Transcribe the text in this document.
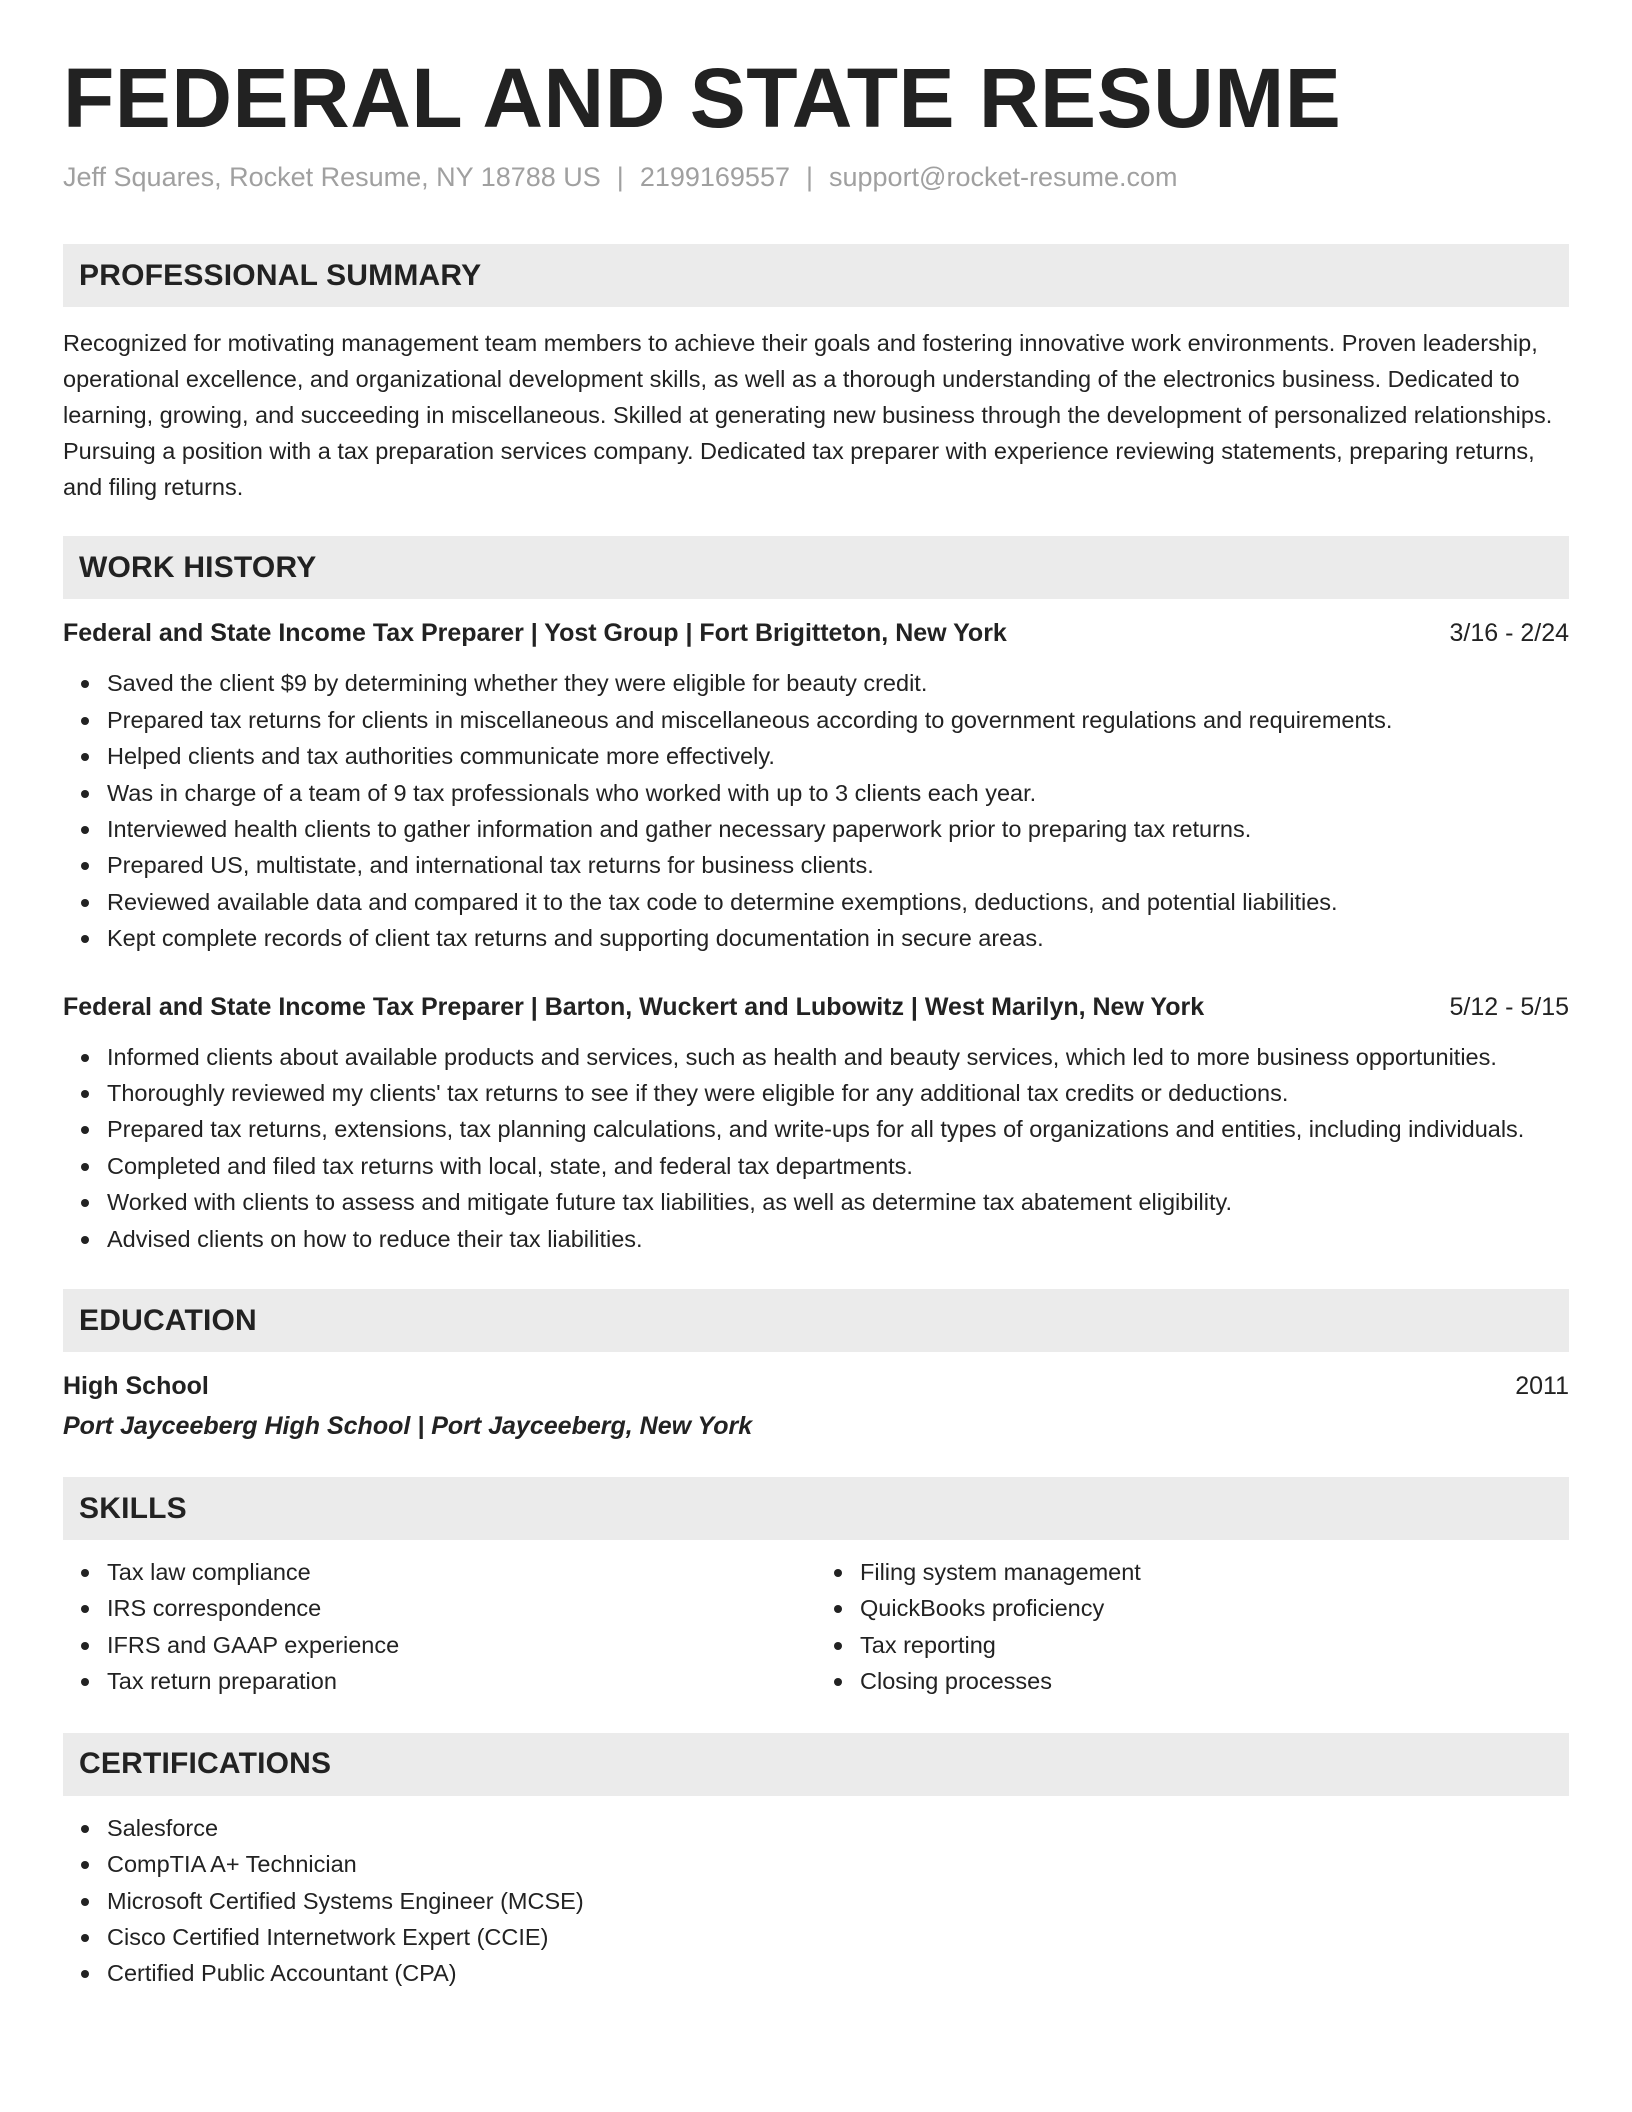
FEDERAL AND STATE RESUME
Jeff Squares, Rocket Resume, NY 18788 US | 2199169557 | support@rocket-resume.com
PROFESSIONAL SUMMARY

Recognized for motivating management team members to achieve their goals and fostering innovative work environments. Proven leadership, operational excellence, and organizational development skills, as well as a thorough understanding of the electronics business. Dedicated to learning, growing, and succeeding in miscellaneous. Skilled at generating new business through the development of personalized relationships. Pursuing a position with a tax preparation services company. Dedicated tax preparer with experience reviewing statements, preparing returns, and filing returns.

WORK HISTORY
Federal and State Income Tax Preparer | Yost Group | Fort Brigitteton, New York	3/16 - 2/24
Saved the client $9 by determining whether they were eligible for beauty credit.
Prepared tax returns for clients in miscellaneous and miscellaneous according to government regulations and requirements.
Helped clients and tax authorities communicate more effectively.
Was in charge of a team of 9 tax professionals who worked with up to 3 clients each year.
Interviewed health clients to gather information and gather necessary paperwork prior to preparing tax returns.
Prepared US, multistate, and international tax returns for business clients.
Reviewed available data and compared it to the tax code to determine exemptions, deductions, and potential liabilities.
Kept complete records of client tax returns and supporting documentation in secure areas.
Federal and State Income Tax Preparer | Barton, Wuckert and Lubowitz | West Marilyn, New York	5/12 - 5/15
Informed clients about available products and services, such as health and beauty services, which led to more business opportunities.
Thoroughly reviewed my clients' tax returns to see if they were eligible for any additional tax credits or deductions.
Prepared tax returns, extensions, tax planning calculations, and write-ups for all types of organizations and entities, including individuals.
Completed and filed tax returns with local, state, and federal tax departments.
Worked with clients to assess and mitigate future tax liabilities, as well as determine tax abatement eligibility.
Advised clients on how to reduce their tax liabilities.
EDUCATION
High School	2011
Port Jayceeberg High School | Port Jayceeberg, New York
SKILLS
Tax law compliance
IRS correspondence
IFRS and GAAP experience
Tax return preparation
Filing system management
QuickBooks proficiency
Tax reporting
Closing processes
CERTIFICATIONS
Salesforce
CompTIA A+ Technician
Microsoft Certified Systems Engineer (MCSE)
Cisco Certified Internetwork Expert (CCIE)
Certified Public Accountant (CPA)
